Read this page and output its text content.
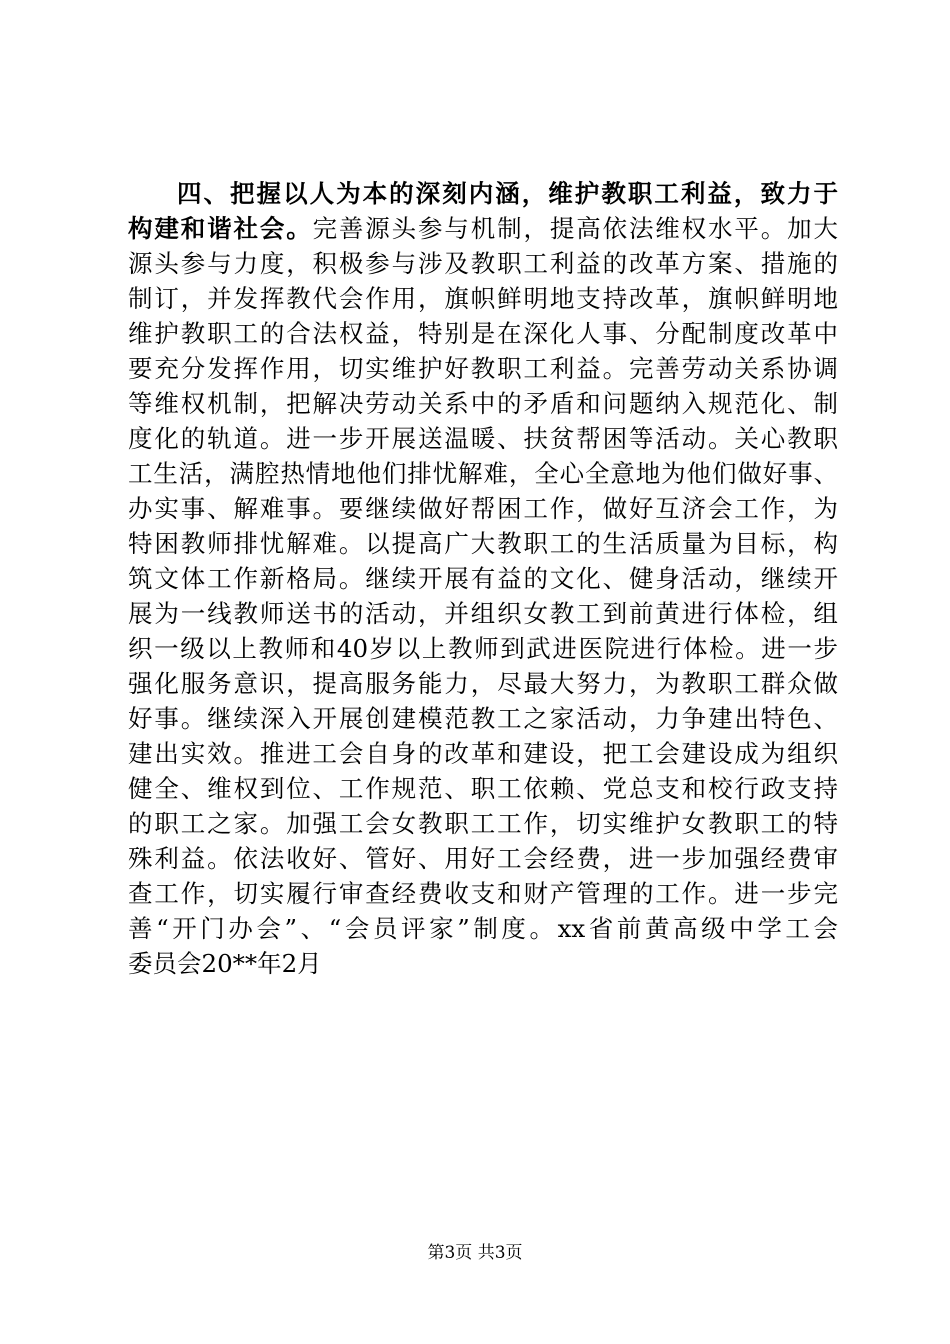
四、把握以人为本的深刻内涵，维护教职工利益，致力于
构建和谐社会。完善源头参与机制，提高依法维权水平。加大
源头参与力度，积极参与涉及教职工利益的改革方案、措施的
制订，并发挥教代会作用，旗帜鲜明地支持改革，旗帜鲜明地
维护教职工的合法权益，特别是在深化人事、分配制度改革中
要充分发挥作用，切实维护好教职工利益。完善劳动关系协调
等维权机制，把解决劳动关系中的矛盾和问题纳入规范化、制
度化的轨道。进一步开展送温暖、扶贫帮困等活动。关心教职
工生活，满腔热情地他们排忧解难，全心全意地为他们做好事、
办实事、解难事。要继续做好帮困工作，做好互济会工作，为
特困教师排忧解难。以提高广大教职工的生活质量为目标，构
筑文体工作新格局。继续开展有益的文化、健身活动，继续开
展为一线教师送书的活动，并组织女教工到前黄进行体检，组
织一级以上教师和40岁以上教师到武进医院进行体检。进一步
强化服务意识，提高服务能力，尽最大努力，为教职工群众做
好事。继续深入开展创建模范教工之家活动，力争建出特色、
建出实效。推进工会自身的改革和建设，把工会建设成为组织
健全、维权到位、工作规范、职工依赖、党总支和校行政支持
的职工之家。加强工会女教职工工作，切实维护女教职工的特
殊利益。依法收好、管好、用好工会经费，进一步加强经费审
查工作，切实履行审查经费收支和财产管理的工作。进一步完
善“开门办会”、“会员评家”制度。xx省前黄高级中学工会
委员会20**年2月
第3页 共3页
